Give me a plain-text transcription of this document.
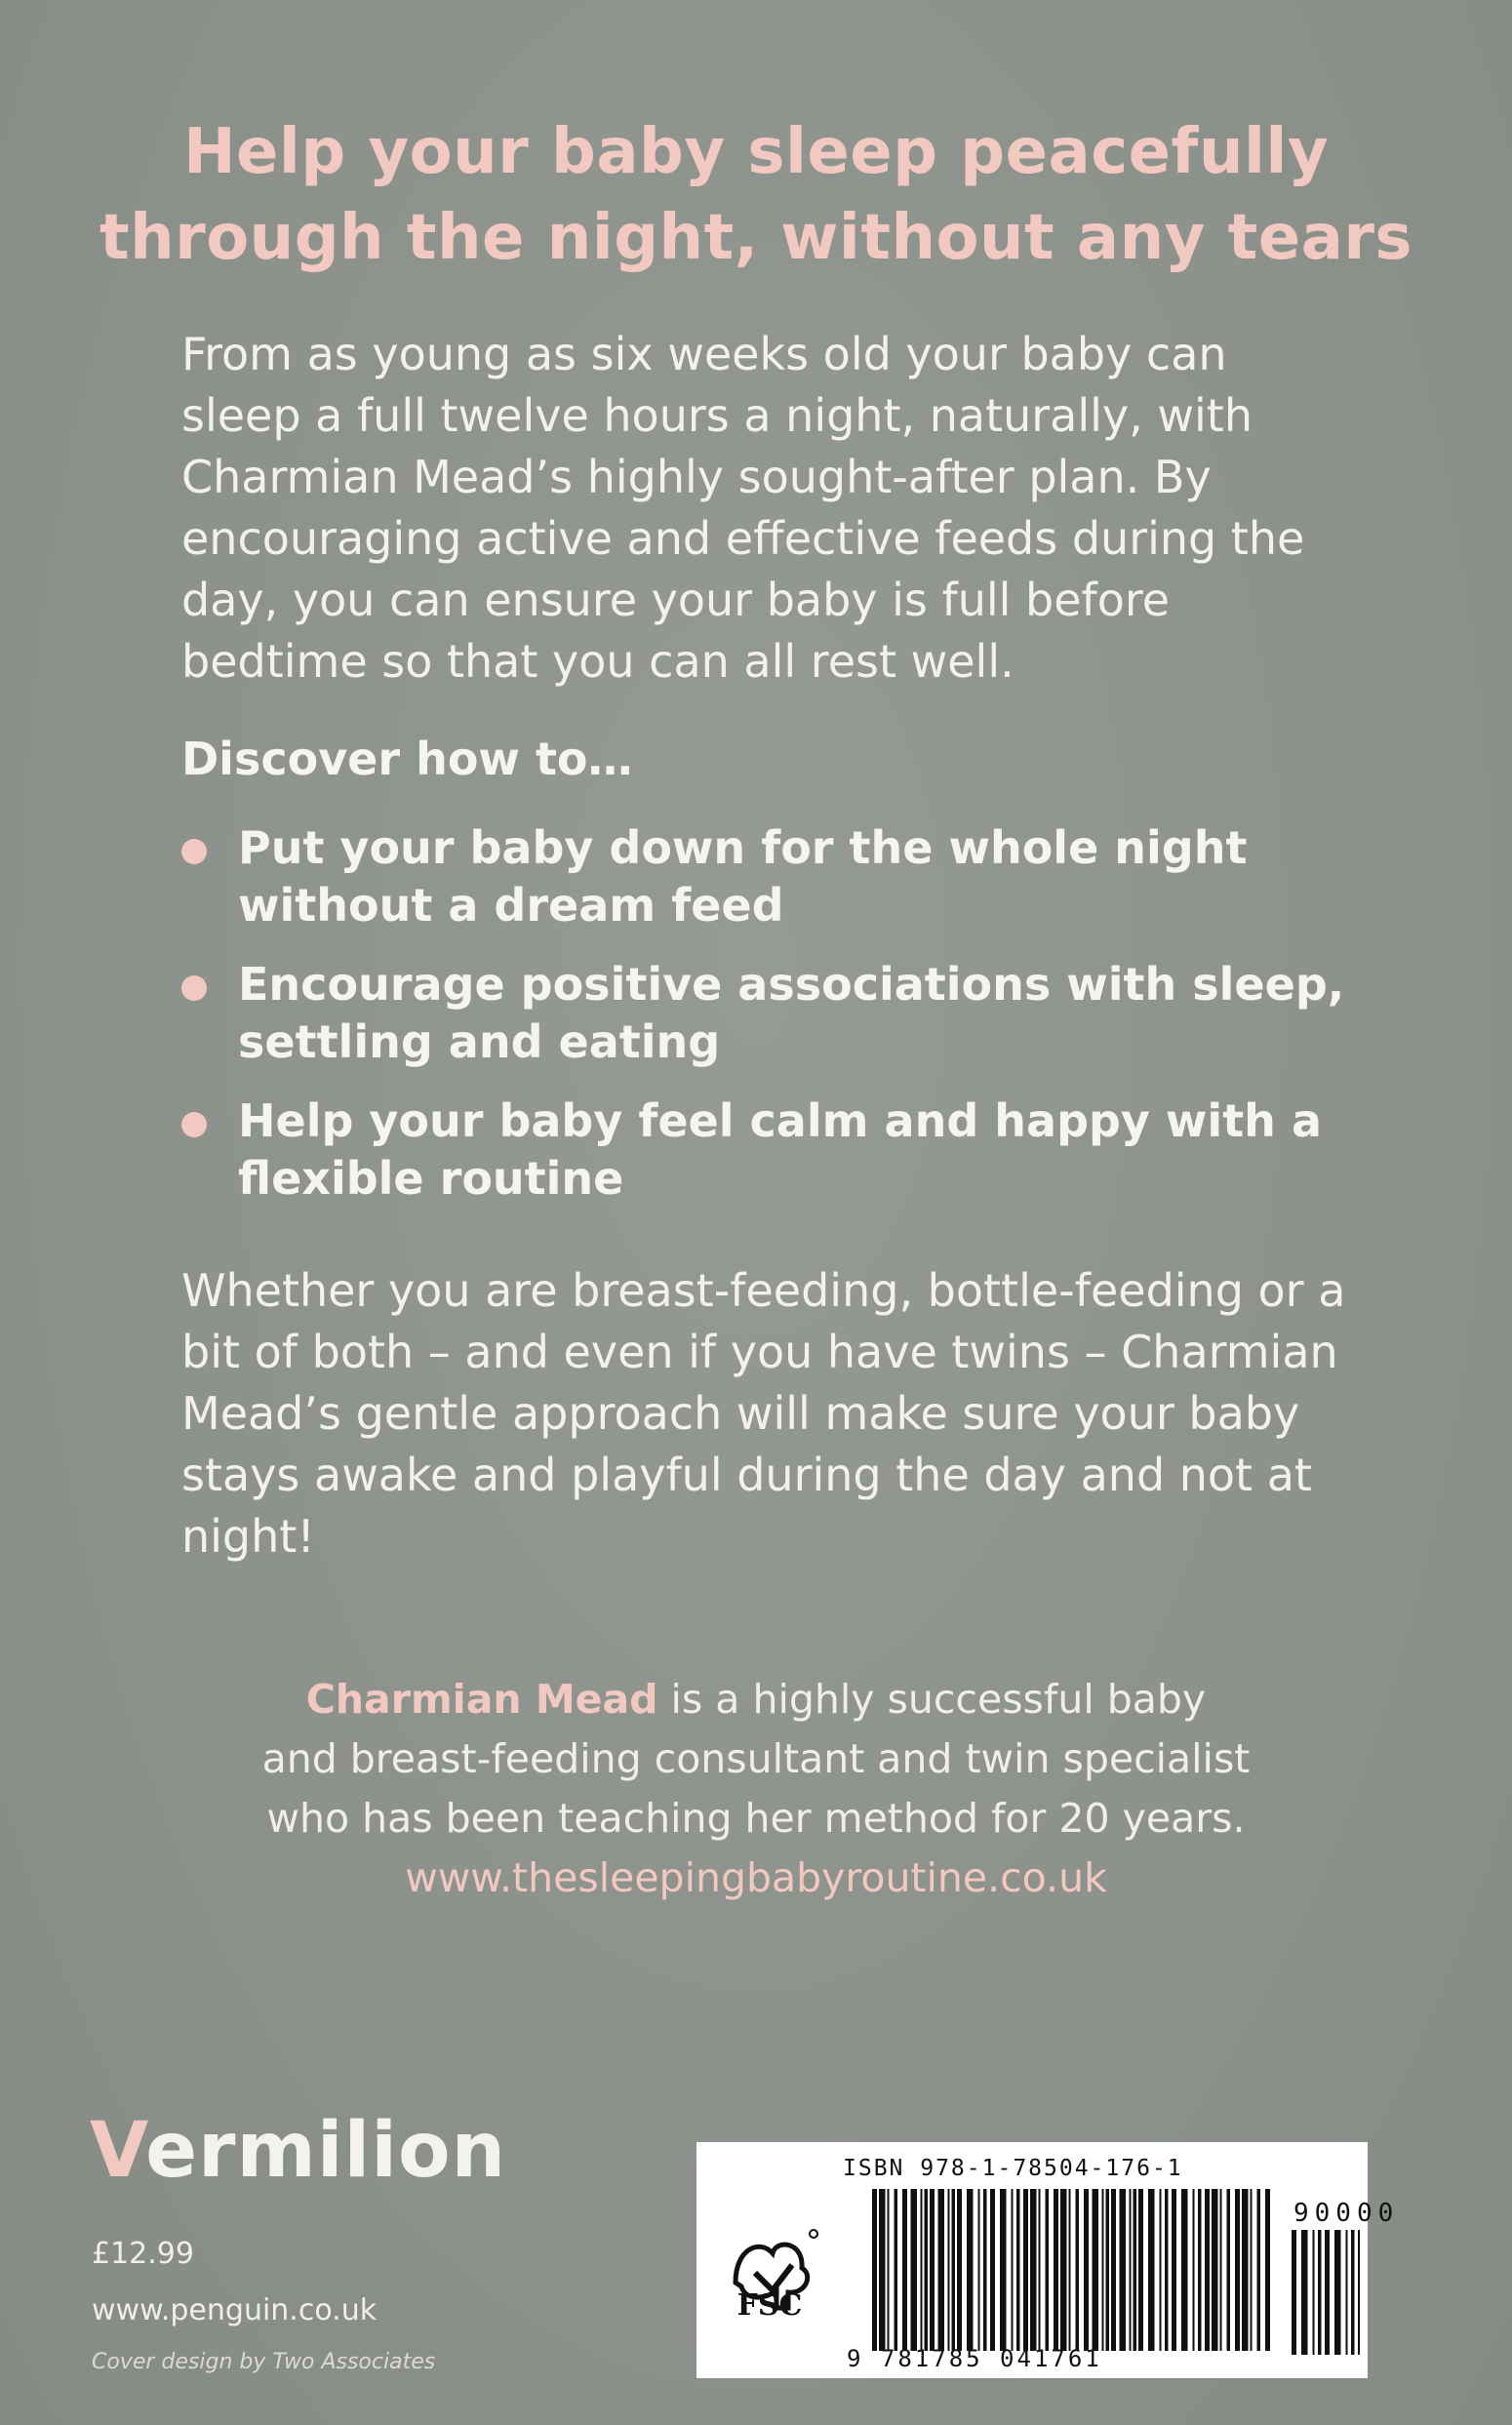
Help your baby sleep peacefully
through the night, without any tears
From as young as six weeks old your baby can sleep a full twelve hours a night, naturally, with Charmian Mead’s highly sought-after plan. By encouraging active and effective feeds during the day, you can ensure your baby is full before bedtime so that you can all rest well.
Discover how to…
Put your baby down for the whole night without a dream feed
Encourage positive associations with sleep, settling and eating
Help your baby feel calm and happy with a flexible routine
Whether you are breast-feeding, bottle-feeding or a bit of both – and even if you have twins – Charmian Mead’s gentle approach will make sure your baby stays awake and playful during the day and not at night!
Charmian Mead is a highly successful baby
and breast-feeding consultant and twin specialist
who has been teaching her method for 20 years.
www.thesleepingbabyroutine.co.uk
Vermilion
£12.99
www.penguin.co.uk
Cover design by Two Associates
ISBN 978-1-78504-176-1
FSC
9 781785 041761
90000
